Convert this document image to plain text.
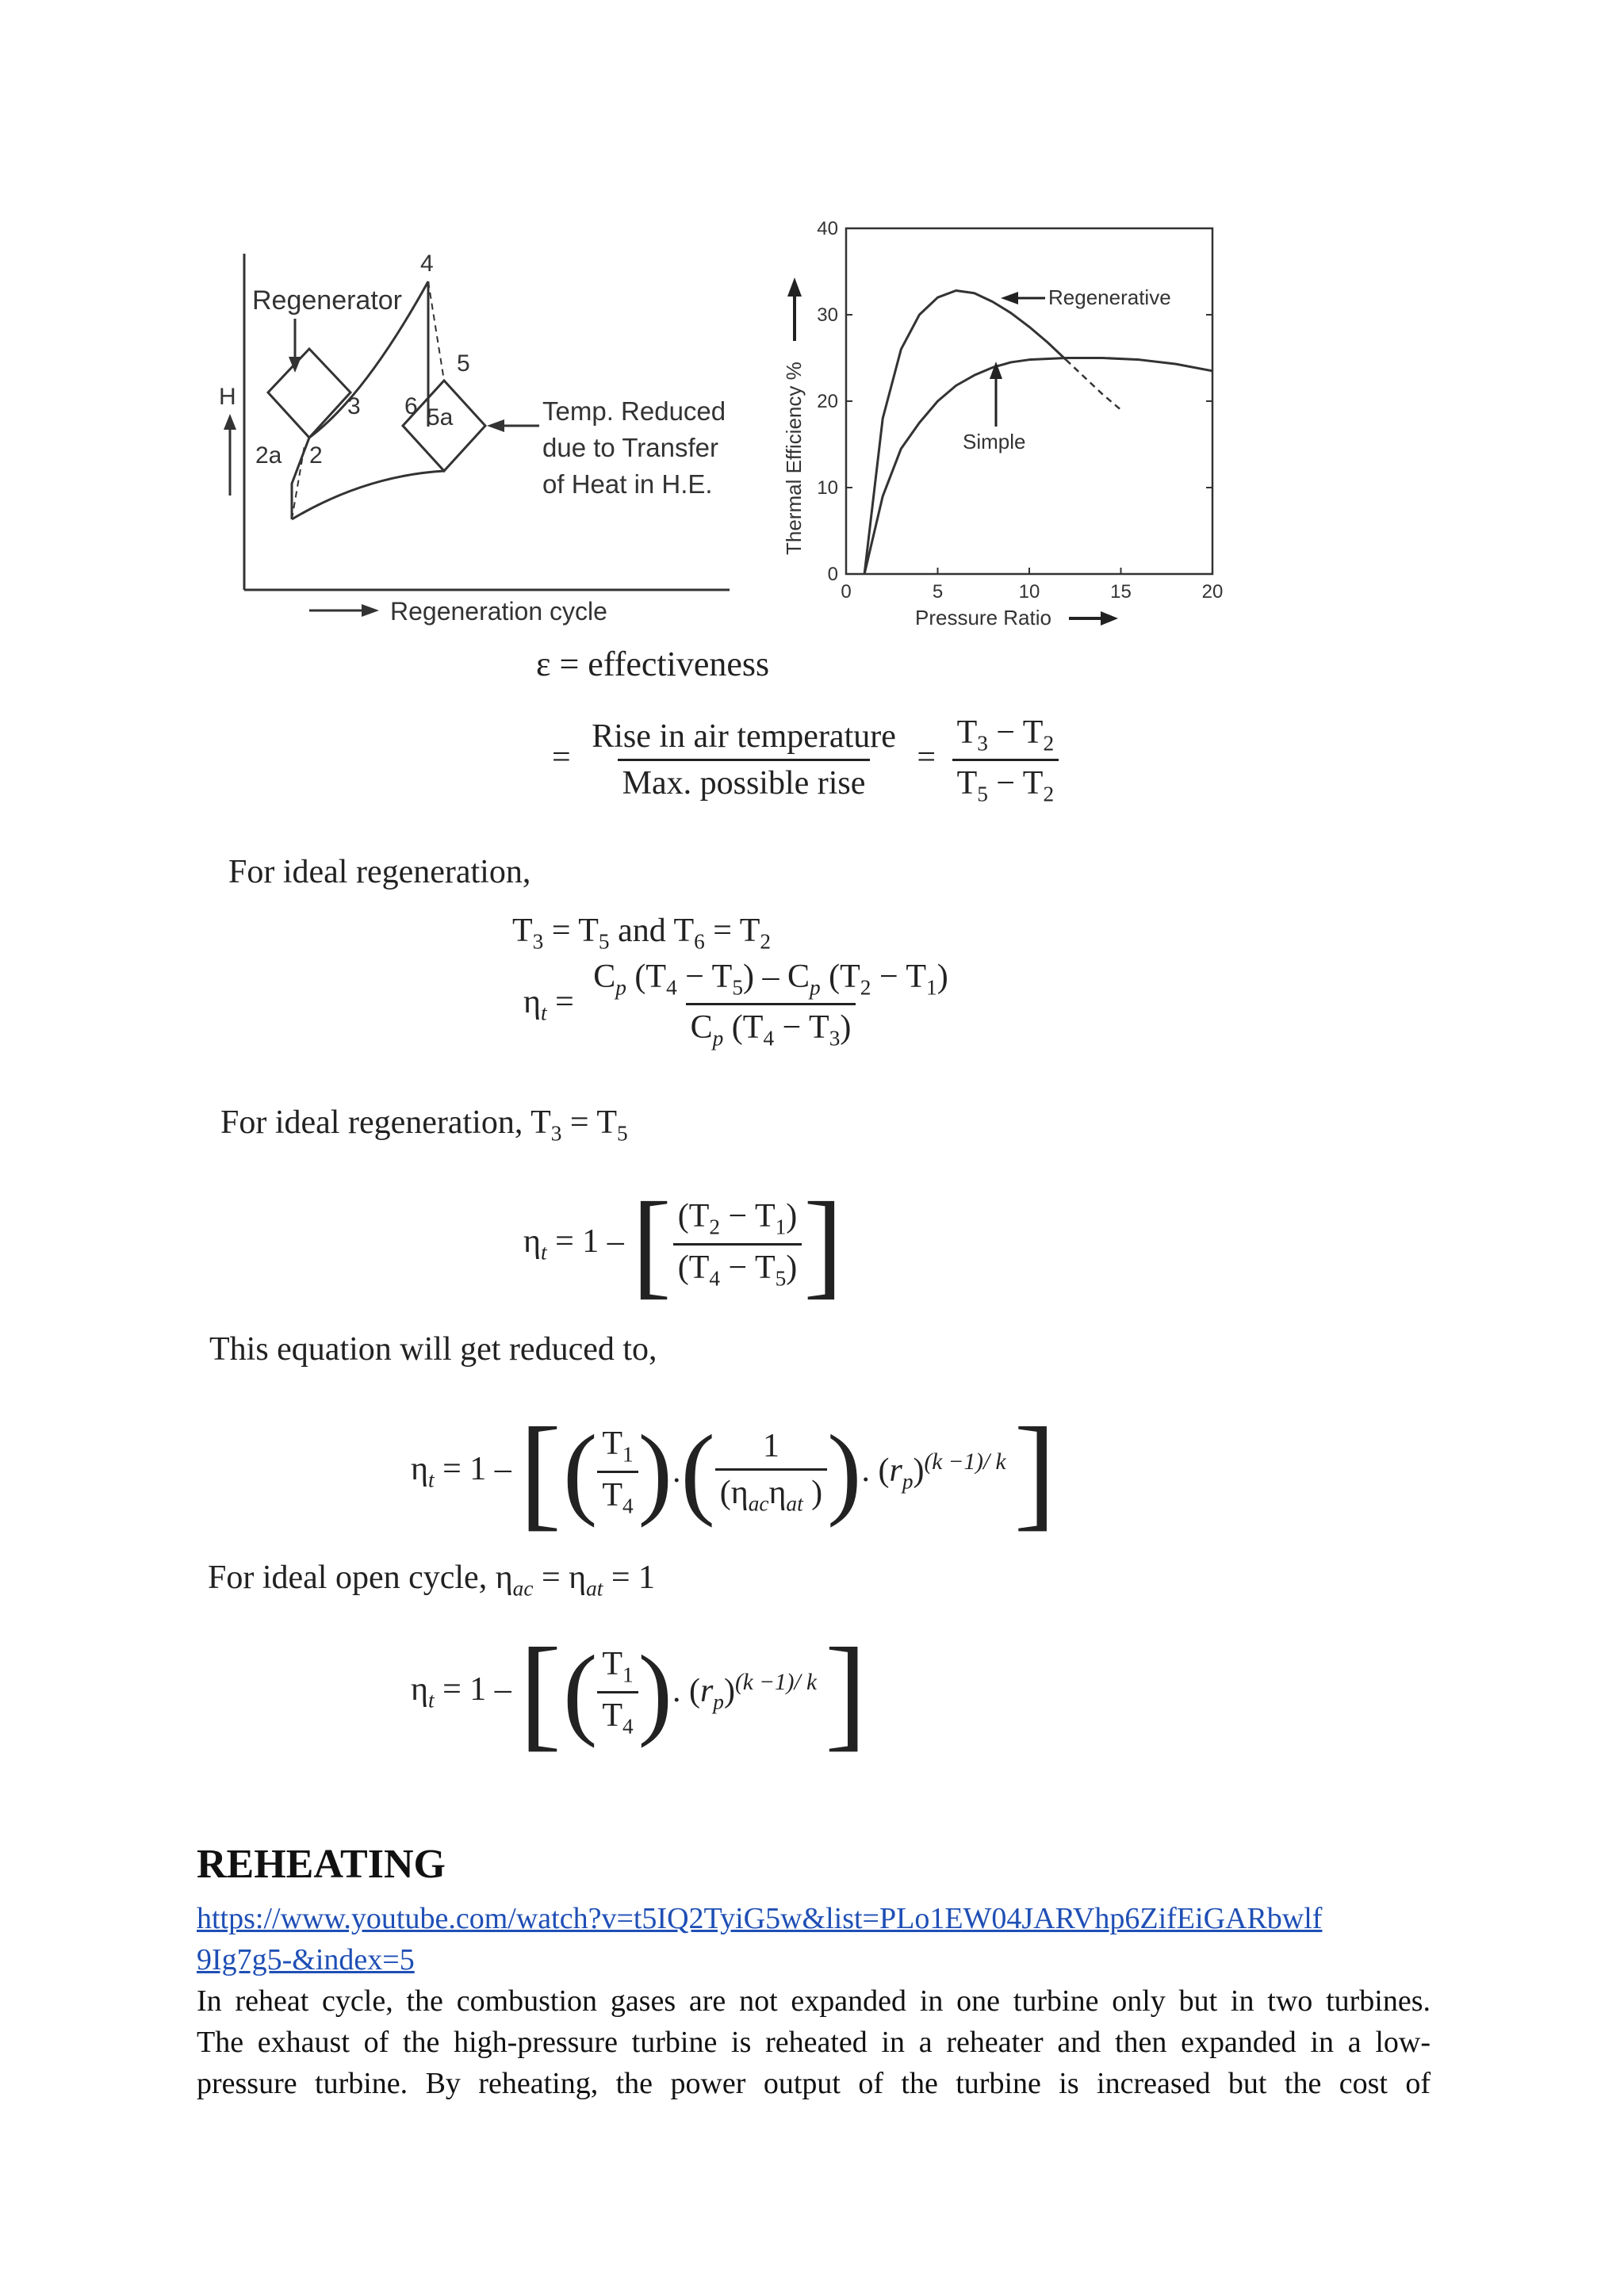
H
Regeneration cycle
Regenerator
4
5
3 6 5a
2a 2
Temp. Reduced
due to Transfer
of Heat in H.E.
0	5	10	15	20
0
10
20
30
40
Thermal Efficiency %
Pressure Ratio
Regenerative
Simple
ε = effectiveness
= $\frac{\text{Rise in air temperature}}{\text{Max. possible rise}} = \frac{T_3 - T_2}{T_5 - T_2}$
For ideal regeneration,
$T_3 = T_5$ and $T_6 = T_2$
$\eta_t = \frac{C_p (T_4 - T_5) - C_p (T_2 - T_1)}{C_p (T_4 - T_3)}$
For ideal regeneration, $T_3 = T_5$
$\eta_t = 1$ – [ $\frac{(T_2 - T_1)}{(T_4 - T_5)}$ ]
This equation will get reduced to,
$\eta_t = 1$ – [ ( $\frac{T_1}{T_4}$ ) . ( $\frac{1}{(\eta_{ac}\eta_{at} )}$ ) . $(r_p)^{(k -1)/ k}$ ]
For ideal open cycle, $\eta_{ac} = \eta_{at} = 1$
$\eta_t = 1$ – [ ( $\frac{T_1}{T_4}$ ) . $(r_p)^{(k -1)/ k}$ ]
REHEATING
https://www.youtube.com/watch?v=t5IQ2TyiG5w&list=PLo1EW04JARVhp6ZifEiGARbwlf
9Ig7g5-&index=5
In reheat cycle, the combustion gases are not expanded in one turbine only but in two turbines.
The exhaust of the high-pressure turbine is reheated in a reheater and then expanded in a low-
pressure turbine. By reheating, the power output of the turbine is increased but the cost of
